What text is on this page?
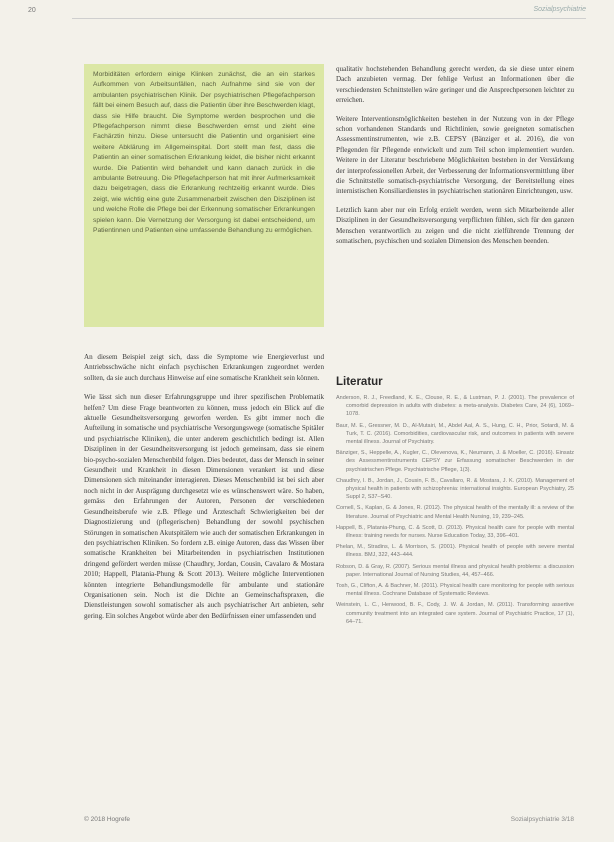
20	Sozialpsychiatrie

Morbiditäten erfordern einige Klinken zunächst, die an ein starkes Aufkommen von Arbeitsunfällen, nach Aufnahme sind sie von der ambulanten psychiatrischen Klinik. Der psychiatrischen Pflegefachperson fällt bei einem Besuch auf, dass die Patientin über ihre Beschwerden klagt, dass sie Hilfe braucht. Die Symptome werden besprochen und die Pflegefachperson nimmt diese Beschwerden ernst und zieht eine Fachärztin hinzu. Diese untersucht die Patientin und organisiert eine weitere Abklärung im Allgemeinspital. Dort stellt man fest, dass die Patientin an einer somatischen Erkrankung leidet, die bisher nicht erkannt wurde. Die Patientin wird behandelt und kann danach zurück in die ambulante Betreuung. Die Pflegefachperson hat mit ihrer Aufmerksamkeit dazu beigetragen, dass die Erkrankung rechtzeitig erkannt wurde. Dies zeigt, wie wichtig eine gute Zusammenarbeit zwischen den Disziplinen ist und welche Rolle die Pflege bei der Erkennung somatischer Erkrankungen spielen kann. Die Vernetzung der Versorgung ist dabei entscheidend, um Patientinnen und Patienten eine umfassende Behandlung zu ermöglichen.

An diesem Beispiel zeigt sich, dass die Symptome wie Energieverlust und Antriebsschwäche nicht einfach psychischen Erkrankungen zugeordnet werden sollten, da sie auch durchaus Hinweise auf eine somatische Krankheit sein können.

Wie lässt sich nun dieser Erfahrungsgruppe und ihrer spezifischen Problematik helfen? Um diese Frage beantworten zu können, muss jedoch ein Blick auf die aktuelle Gesundheitsversorgung geworfen werden. Es gibt immer noch die Aufteilung in somatische und psychiatrische Versorgungswege (somatische Spitäler und psychiatrische Kliniken), die unter anderem geschichtlich bedingt ist. Allen Disziplinen in der Gesundheitsversorgung ist jedoch gemeinsam, dass sie einem bio-psycho-sozialen Menschenbild folgen. Dies bedeutet, dass der Mensch in seiner Gesundheit und Krankheit in diesen Dimensionen verankert ist und diese Dimensionen sich miteinander interagieren. Dieses Menschenbild ist bei sich aber noch nicht in der Ausprägung durchgesetzt wie es wünschenswert wäre. So haben, gemäss den Erfahrungen der Autoren, Personen der verschiedenen Gesundheitsberufe wie z.B. Pflege und Ärzteschaft Schwierigkeiten bei der Diagnostizierung und (pflegerischen) Behandlung der sowohl psychischen Störungen in somatischen Akutspitälern wie auch der somatischen Erkrankungen in den psychiatrischen Kliniken. So fordern z.B. einige Autoren, dass das Wissen über somatische Krankheiten bei Mitarbeitenden in psychiatrischen Institutionen dringend gefördert werden müsse (Chaudhry, Jordan, Cousin, Cavalaro & Mostara 2010; Happell, Platania-Phung & Scott 2013). Weitere mögliche Interventionen könnten integrierte Behandlungsmodelle für ambulante und stationäre Organisationen sein. Noch ist die Dichte an Gemeinschaftspraxen, die Dienstleistungen sowohl somatischer als auch psychiatrischer Art anbieten, sehr gering. Ein solches Angebot würde aber den Bedürfnissen einer umfassenden und

qualitativ hochstehenden Behandlung gerecht werden, da sie diese unter einem Dach anzubieten vermag. Der fehlige Verlust an Informationen über die verschiedensten Schnittstellen wäre geringer und die Ansprechpersonen leichter zu erreichen.

Weitere Interventionsmöglichkeiten bestehen in der Nutzung von in der Pflege schon vorhandenen Standards und Richtlinien, sowie geeigneten somatischen Assessmentinstrumenten, wie z.B. CEPSY (Bänziger et al. 2016), die von Pflegenden für Pflegende entwickelt und zum Teil schon implementiert wurden. Weitere in der Literatur beschriebene Möglichkeiten bestehen in der Verstärkung der interprofessionellen Arbeit, der Verbesserung der Informationsvermittlung über die Schnittstelle somatisch-psychiatrische Versorgung, der Bereitstellung eines internistischen Konsiliardienstes in psychiatrischen stationären Einrichtungen, usw.

Letztlich kann aber nur ein Erfolg erzielt werden, wenn sich Mitarbeitende aller Disziplinen in der Gesundheitsversorgung verpflichten fühlen, sich für den ganzen Menschen verantwortlich zu zeigen und die nicht zielführende Trennung der somatischen, psychischen und sozialen Dimension des Menschen beenden.

Literatur

Anderson, R. J., Freedland, K. E., Clouse, R. E., & Lustman, P. J. (2001). The prevalence of comorbid depression in adults with diabetes: a meta-analysis. Diabetes Care, 24 (6), 1069–1078.

Baur, M. E., Gressner, M. D., Al-Mutairi, M., Abdel Aal, A. S., Hung, C. H., Prior, Sotardi, M. & Turk, T. C. (2016). Comorbidities, cardiovascular risk, and outcomes in patients with severe mental illness. Journal of Psychiatry.

Bänziger, S., Heppelle, A., Kugler, C., Olevenova, K., Neumann, J. & Moeller, C. (2016). Einsatz des Assessmentinstruments CEPSY zur Erfassung somatischer Beschwerden in der psychiatrischen Pflege. Psychiatrische Pflege, 1(3).

Chaudhry, I. B., Jordan, J., Cousin, F. B., Cavallaro, R. & Mostara, J. K. (2010). Management of physical health in patients with schizophrenia: international insights. European Psychiatry, 25 Suppl 2, S37–S40.

Cornell, S., Kaplan, G. & Jones, R. (2012). The physical health of the mentally ill: a review of the literature. Journal of Psychiatric and Mental Health Nursing, 19, 239–245.

Happell, B., Platania-Phung, C. & Scott, D. (2013). Physical health care for people with mental illness: training needs for nurses. Nurse Education Today, 33, 396–401.

Phelan, M., Stradins, L. & Morrison, S. (2001). Physical health of people with severe mental illness. BMJ, 322, 443–444.

Robson, D. & Gray, R. (2007). Serious mental illness and physical health problems: a discussion paper. International Journal of Nursing Studies, 44, 457–466.

Tosh, G., Clifton, A. & Bachner, M. (2011). Physical health care monitoring for people with serious mental illness. Cochrane Database of Systematic Reviews.

Weinstein, L. C., Henwood, B. F., Cody, J. W. & Jordan, M. (2011). Transforming assertive community treatment into an integrated care system. Journal of Psychiatric Practice, 17 (1), 64–71.

© 2018 Hogrefe	Sozialpsychiatrie 3/18
